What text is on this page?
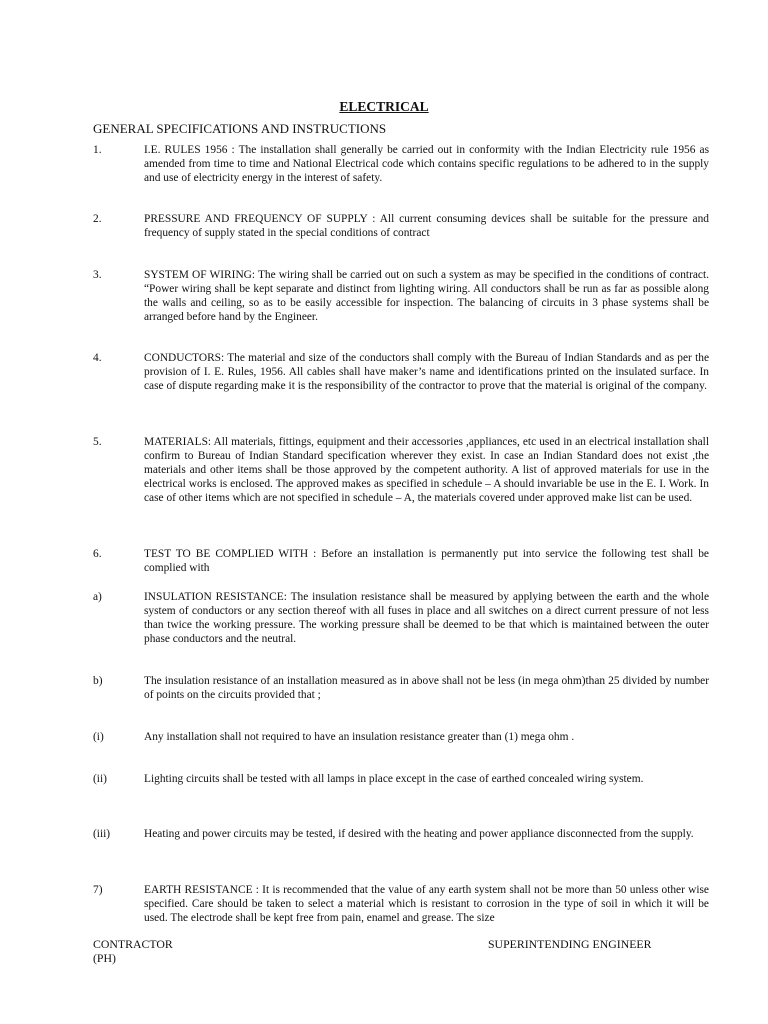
ELECTRICAL
GENERAL SPECIFICATIONS AND INSTRUCTIONS
1.	I.E. RULES 1956 : The installation shall generally be carried out in conformity with the Indian Electricity rule 1956 as amended from time to time and National Electrical code which contains specific regulations to be adhered to in the supply and use of electricity energy in the interest of safety.
2.	PRESSURE AND FREQUENCY OF SUPPLY : All current consuming devices shall be suitable for the pressure and frequency of supply stated in the special conditions of contract
3.	SYSTEM OF WIRING: The wiring shall be carried out on such a system as may be specified in the conditions of contract. “Power wiring shall be kept separate and distinct from lighting wiring. All conductors shall be run as far as possible along the walls and ceiling, so as to be easily accessible for inspection. The balancing of circuits in 3 phase systems shall be arranged before hand by the Engineer.
4.	CONDUCTORS: The material and size of the conductors shall comply with the Bureau of Indian Standards and as per the provision of I. E. Rules, 1956. All cables shall have maker’s name and identifications printed on the insulated surface. In case of dispute regarding make it is the responsibility of the contractor to prove that the material is original of the company.
5.	MATERIALS: All materials, fittings, equipment and their accessories ,appliances, etc used in an electrical installation shall confirm to Bureau of Indian Standard specification wherever they exist. In case an Indian Standard does not exist ,the materials and other items shall be those approved by the competent authority. A list of approved materials for use in the electrical works is enclosed. The approved makes as specified in schedule – A should invariable be use in the E. I. Work. In case of other items which are not specified in schedule – A, the materials covered under approved make list can be used.
6.	TEST TO BE COMPLIED WITH : Before an installation is permanently put into service the following test shall be complied with
a)	INSULATION RESISTANCE: The insulation resistance shall be measured by applying between the earth and the whole system of conductors or any section thereof with all fuses in place and all switches on a direct current pressure of not less than twice the working pressure. The working pressure shall be deemed to be that which is maintained between the outer phase conductors and the neutral.
b)	The insulation resistance of an installation measured as in above shall not be less (in mega ohm)than 25 divided by number of points on the circuits provided that ;
(i)	Any installation shall not required to have an insulation resistance greater than (1) mega ohm .
(ii)	Lighting circuits shall be tested with all lamps in place except in the case of earthed concealed wiring system.
(iii)	Heating and power circuits may be tested, if desired with the heating and power appliance disconnected from the supply.
7)	EARTH RESISTANCE : It is recommended that the value of any earth system shall not be more than 50 unless other wise specified. Care should be taken to select a material which is resistant to corrosion in the type of soil in which it will be used. The electrode shall be kept free from pain, enamel and grease. The size
CONTRACTOR
(PH)
SUPERINTENDING ENGINEER
